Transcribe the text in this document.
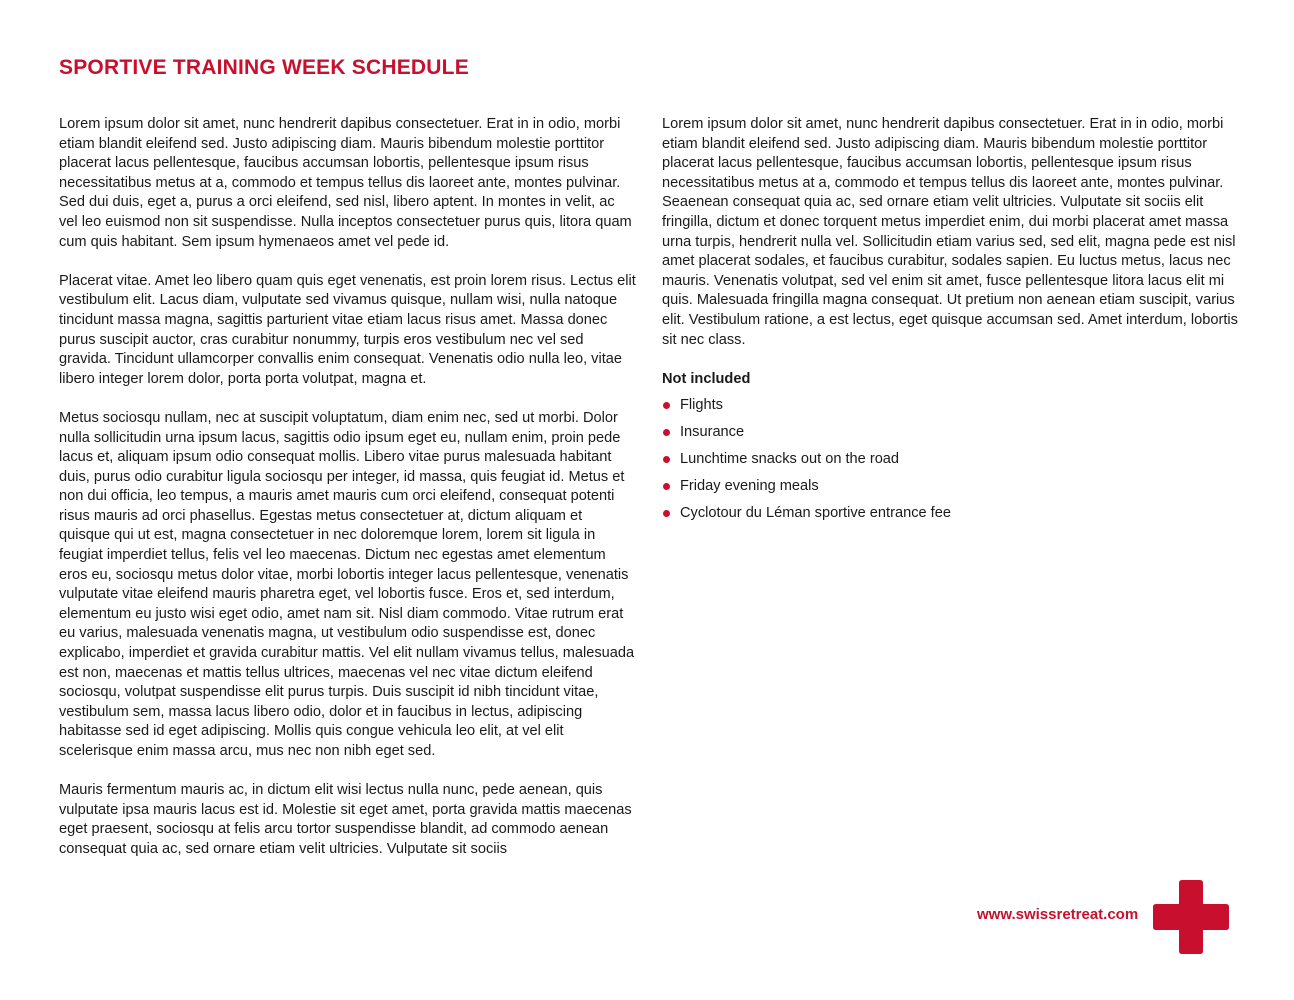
SPORTIVE TRAINING WEEK SCHEDULE

Lorem ipsum dolor sit amet, nunc hendrerit dapibus consectetuer. Erat in in odio, morbi etiam blandit eleifend sed. Justo adipiscing diam. Mauris bibendum molestie porttitor placerat lacus pellentesque, faucibus accumsan lobortis, pellentesque ipsum risus necessitatibus metus at a, commodo et tempus tellus dis laoreet ante, montes pulvinar. Sed dui duis, eget a, purus a orci eleifend, sed nisl, libero aptent. In montes in velit, ac vel leo euismod non sit suspendisse. Nulla inceptos consectetuer purus quis, litora quam cum quis habitant. Sem ipsum hymenaeos amet vel pede id.

Placerat vitae. Amet leo libero quam quis eget venenatis, est proin lorem risus. Lectus elit vestibulum elit. Lacus diam, vulputate sed vivamus quisque, nullam wisi, nulla natoque tincidunt massa magna, sagittis parturient vitae etiam lacus risus amet. Massa donec purus suscipit auctor, cras curabitur nonummy, turpis eros vestibulum nec vel sed gravida. Tincidunt ullamcorper convallis enim consequat. Venenatis odio nulla leo, vitae libero integer lorem dolor, porta porta volutpat, magna et.

Metus sociosqu nullam, nec at suscipit voluptatum, diam enim nec, sed ut morbi. Dolor nulla sollicitudin urna ipsum lacus, sagittis odio ipsum eget eu, nullam enim, proin pede lacus et, aliquam ipsum odio consequat mollis. Libero vitae purus malesuada habitant duis, purus odio curabitur ligula sociosqu per integer, id massa, quis feugiat id. Metus et non dui officia, leo tempus, a mauris amet mauris cum orci eleifend, consequat potenti risus mauris ad orci phasellus. Egestas metus consectetuer at, dictum aliquam et quisque qui ut est, magna consectetuer in nec doloremque lorem, lorem sit ligula in feugiat imperdiet tellus, felis vel leo maecenas. Dictum nec egestas amet elementum eros eu, sociosqu metus dolor vitae, morbi lobortis integer lacus pellentesque, venenatis vulputate vitae eleifend mauris pharetra eget, vel lobortis fusce. Eros et, sed interdum, elementum eu justo wisi eget odio, amet nam sit. Nisl diam commodo. Vitae rutrum erat eu varius, malesuada venenatis magna, ut vestibulum odio suspendisse est, donec explicabo, imperdiet et gravida curabitur mattis. Vel elit nullam vivamus tellus, malesuada est non, maecenas et mattis tellus ultrices, maecenas vel nec vitae dictum eleifend sociosqu, volutpat suspendisse elit purus turpis. Duis suscipit id nibh tincidunt vitae, vestibulum sem, massa lacus libero odio, dolor et in faucibus in lectus, adipiscing habitasse sed id eget adipiscing. Mollis quis congue vehicula leo elit, at vel elit scelerisque enim massa arcu, mus nec non nibh eget sed.

Mauris fermentum mauris ac, in dictum elit wisi lectus nulla nunc, pede aenean, quis vulputate ipsa mauris lacus est id. Molestie sit eget amet, porta gravida mattis maecenas eget praesent, sociosqu at felis arcu tortor suspendisse blandit, ad commodo aenean consequat quia ac, sed ornare etiam velit ultricies. Vulputate sit sociis

Lorem ipsum dolor sit amet, nunc hendrerit dapibus consectetuer. Erat in in odio, morbi etiam blandit eleifend sed. Justo adipiscing diam. Mauris bibendum molestie porttitor placerat lacus pellentesque, faucibus accumsan lobortis, pellentesque ipsum risus necessitatibus metus at a, commodo et tempus tellus dis laoreet ante, montes pulvinar. Seaenean consequat quia ac, sed ornare etiam velit ultricies. Vulputate sit sociis elit fringilla, dictum et donec torquent metus imperdiet enim, dui morbi placerat amet massa urna turpis, hendrerit nulla vel. Sollicitudin etiam varius sed, sed elit, magna pede est nisl amet placerat sodales, et faucibus curabitur, sodales sapien. Eu luctus metus, lacus nec mauris. Venenatis volutpat, sed vel enim sit amet, fusce pellentesque litora lacus elit mi quis. Malesuada fringilla magna consequat. Ut pretium non aenean etiam suscipit, varius elit. Vestibulum ratione, a est lectus, eget quisque accumsan sed. Amet interdum, lobortis sit nec class.

Not included
Flights
Insurance
Lunchtime snacks out on the road
Friday evening meals
Cyclotour du Léman sportive entrance fee
www.swissretreat.com
